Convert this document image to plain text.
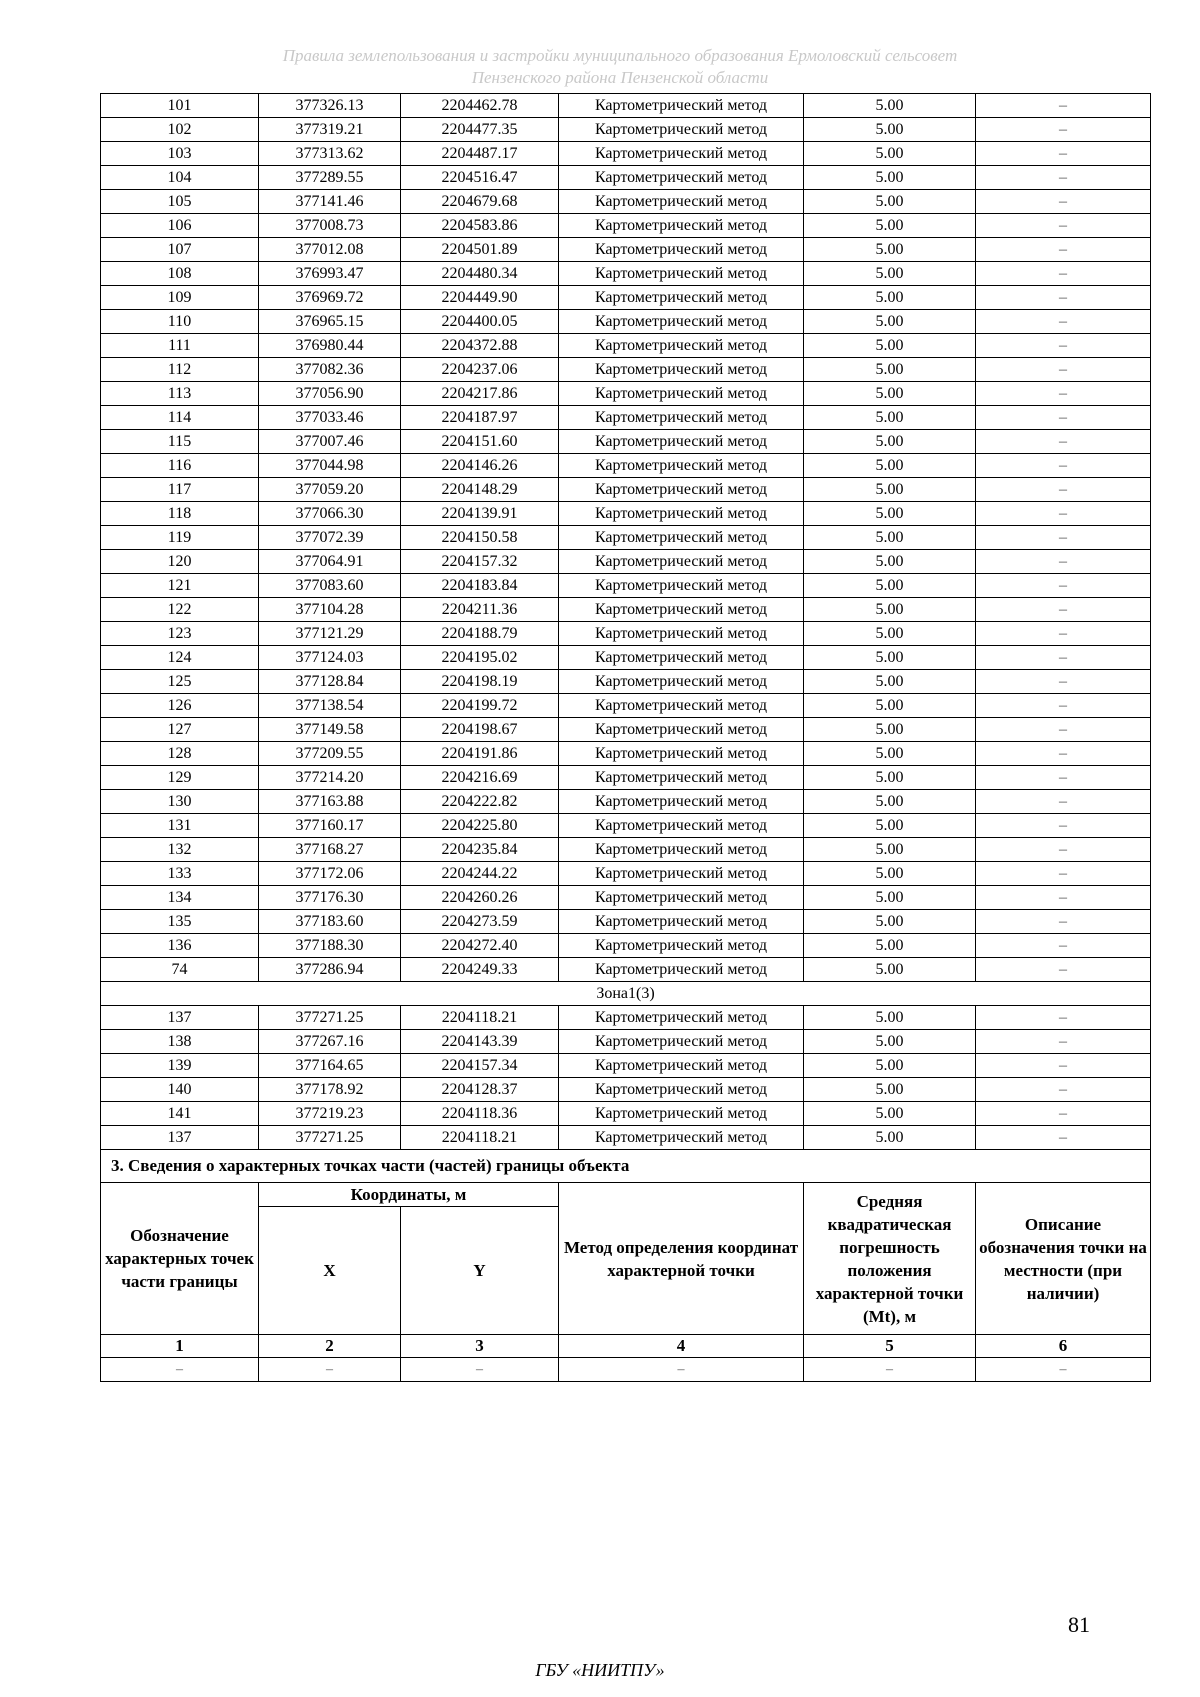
Правила землепользования и застройки муниципального образования Ермоловский сельсовет
Пензенского района Пензенской области
101	377326.13	2204462.78	Картометрический метод	5.00	–
102	377319.21	2204477.35	Картометрический метод	5.00	–
103	377313.62	2204487.17	Картометрический метод	5.00	–
104	377289.55	2204516.47	Картометрический метод	5.00	–
105	377141.46	2204679.68	Картометрический метод	5.00	–
106	377008.73	2204583.86	Картометрический метод	5.00	–
107	377012.08	2204501.89	Картометрический метод	5.00	–
108	376993.47	2204480.34	Картометрический метод	5.00	–
109	376969.72	2204449.90	Картометрический метод	5.00	–
110	376965.15	2204400.05	Картометрический метод	5.00	–
111	376980.44	2204372.88	Картометрический метод	5.00	–
112	377082.36	2204237.06	Картометрический метод	5.00	–
113	377056.90	2204217.86	Картометрический метод	5.00	–
114	377033.46	2204187.97	Картометрический метод	5.00	–
115	377007.46	2204151.60	Картометрический метод	5.00	–
116	377044.98	2204146.26	Картометрический метод	5.00	–
117	377059.20	2204148.29	Картометрический метод	5.00	–
118	377066.30	2204139.91	Картометрический метод	5.00	–
119	377072.39	2204150.58	Картометрический метод	5.00	–
120	377064.91	2204157.32	Картометрический метод	5.00	–
121	377083.60	2204183.84	Картометрический метод	5.00	–
122	377104.28	2204211.36	Картометрический метод	5.00	–
123	377121.29	2204188.79	Картометрический метод	5.00	–
124	377124.03	2204195.02	Картометрический метод	5.00	–
125	377128.84	2204198.19	Картометрический метод	5.00	–
126	377138.54	2204199.72	Картометрический метод	5.00	–
127	377149.58	2204198.67	Картометрический метод	5.00	–
128	377209.55	2204191.86	Картометрический метод	5.00	–
129	377214.20	2204216.69	Картометрический метод	5.00	–
130	377163.88	2204222.82	Картометрический метод	5.00	–
131	377160.17	2204225.80	Картометрический метод	5.00	–
132	377168.27	2204235.84	Картометрический метод	5.00	–
133	377172.06	2204244.22	Картометрический метод	5.00	–
134	377176.30	2204260.26	Картометрический метод	5.00	–
135	377183.60	2204273.59	Картометрический метод	5.00	–
136	377188.30	2204272.40	Картометрический метод	5.00	–
74	377286.94	2204249.33	Картометрический метод	5.00	–
Зона1(3)					
137	377271.25	2204118.21	Картометрический метод	5.00	–
138	377267.16	2204143.39	Картометрический метод	5.00	–
139	377164.65	2204157.34	Картометрический метод	5.00	–
140	377178.92	2204128.37	Картометрический метод	5.00	–
141	377219.23	2204118.36	Картометрический метод	5.00	–
137	377271.25	2204118.21	Картометрический метод	5.00	–
3. Сведения о характерных точках части (частей) границы объекта					
Обозначение характерных точек части границы	Координаты, м		Метод определения координат характерной точки	Средняя квадратическая погрешность положения характерной точки (Mt), м	Описание обозначения точки на местности (при наличии)
	X	Y			
1	2	3	4	5	6
–	–	–	–	–	–
81
ГБУ «НИИТПУ»
